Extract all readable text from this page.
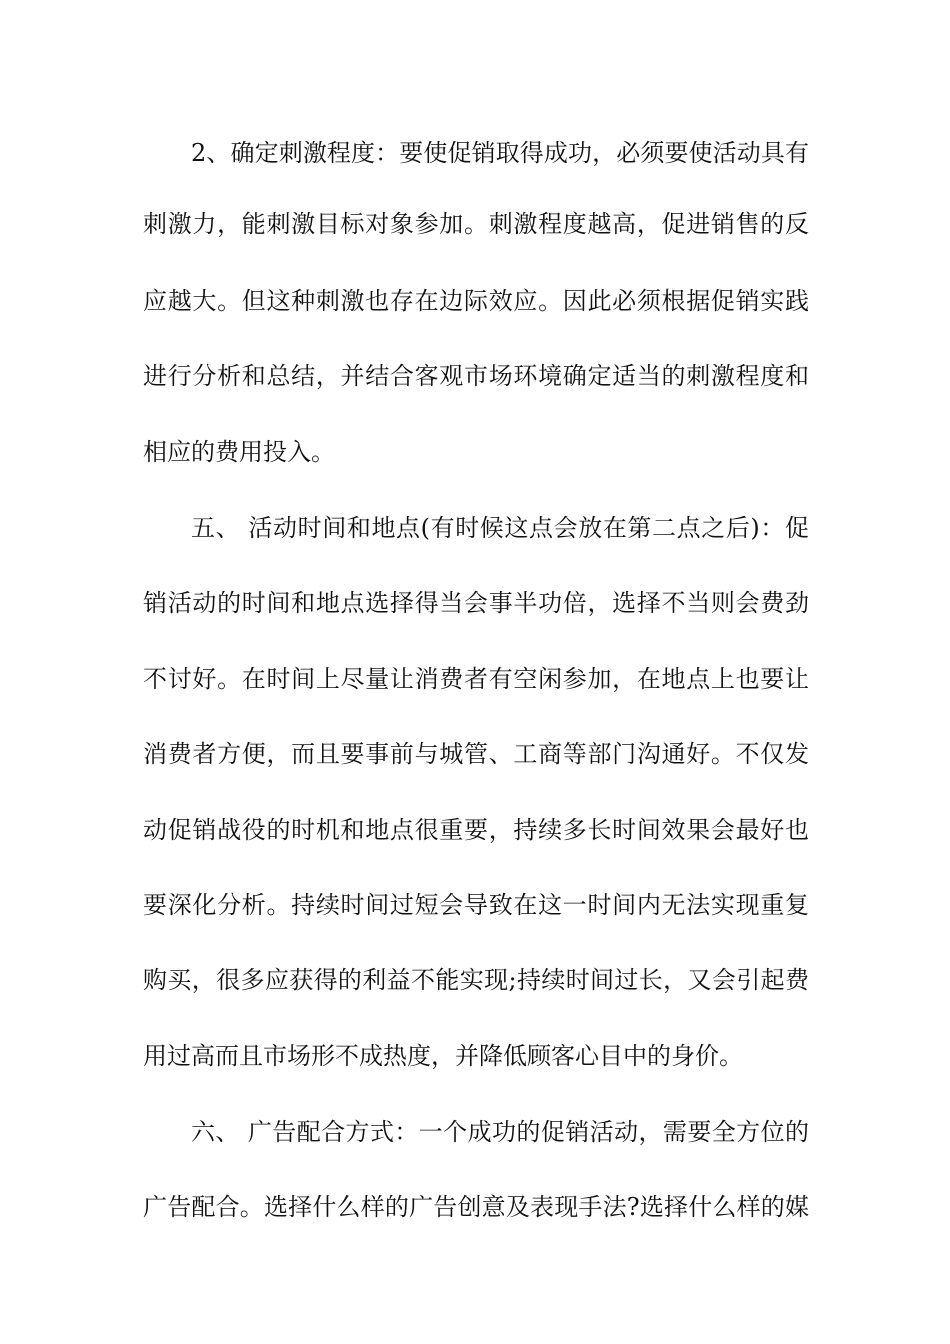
2、确定刺激程度：要使促销取得成功，必须要使活动具有
刺激力，能刺激目标对象参加。刺激程度越高，促进销售的反
应越大。但这种刺激也存在边际效应。因此必须根据促销实践
进行分析和总结，并结合客观市场环境确定适当的刺激程度和
相应的费用投入。
五、 活动时间和地点(有时候这点会放在第二点之后)：促
销活动的时间和地点选择得当会事半功倍，选择不当则会费劲
不讨好。在时间上尽量让消费者有空闲参加，在地点上也要让
消费者方便，而且要事前与城管、工商等部门沟通好。不仅发
动促销战役的时机和地点很重要，持续多长时间效果会最好也
要深化分析。持续时间过短会导致在这一时间内无法实现重复
购买，很多应获得的利益不能实现;持续时间过长，又会引起费
用过高而且市场形不成热度，并降低顾客心目中的身价。
六、 广告配合方式：一个成功的促销活动，需要全方位的
广告配合。选择什么样的广告创意及表现手法?选择什么样的媒
